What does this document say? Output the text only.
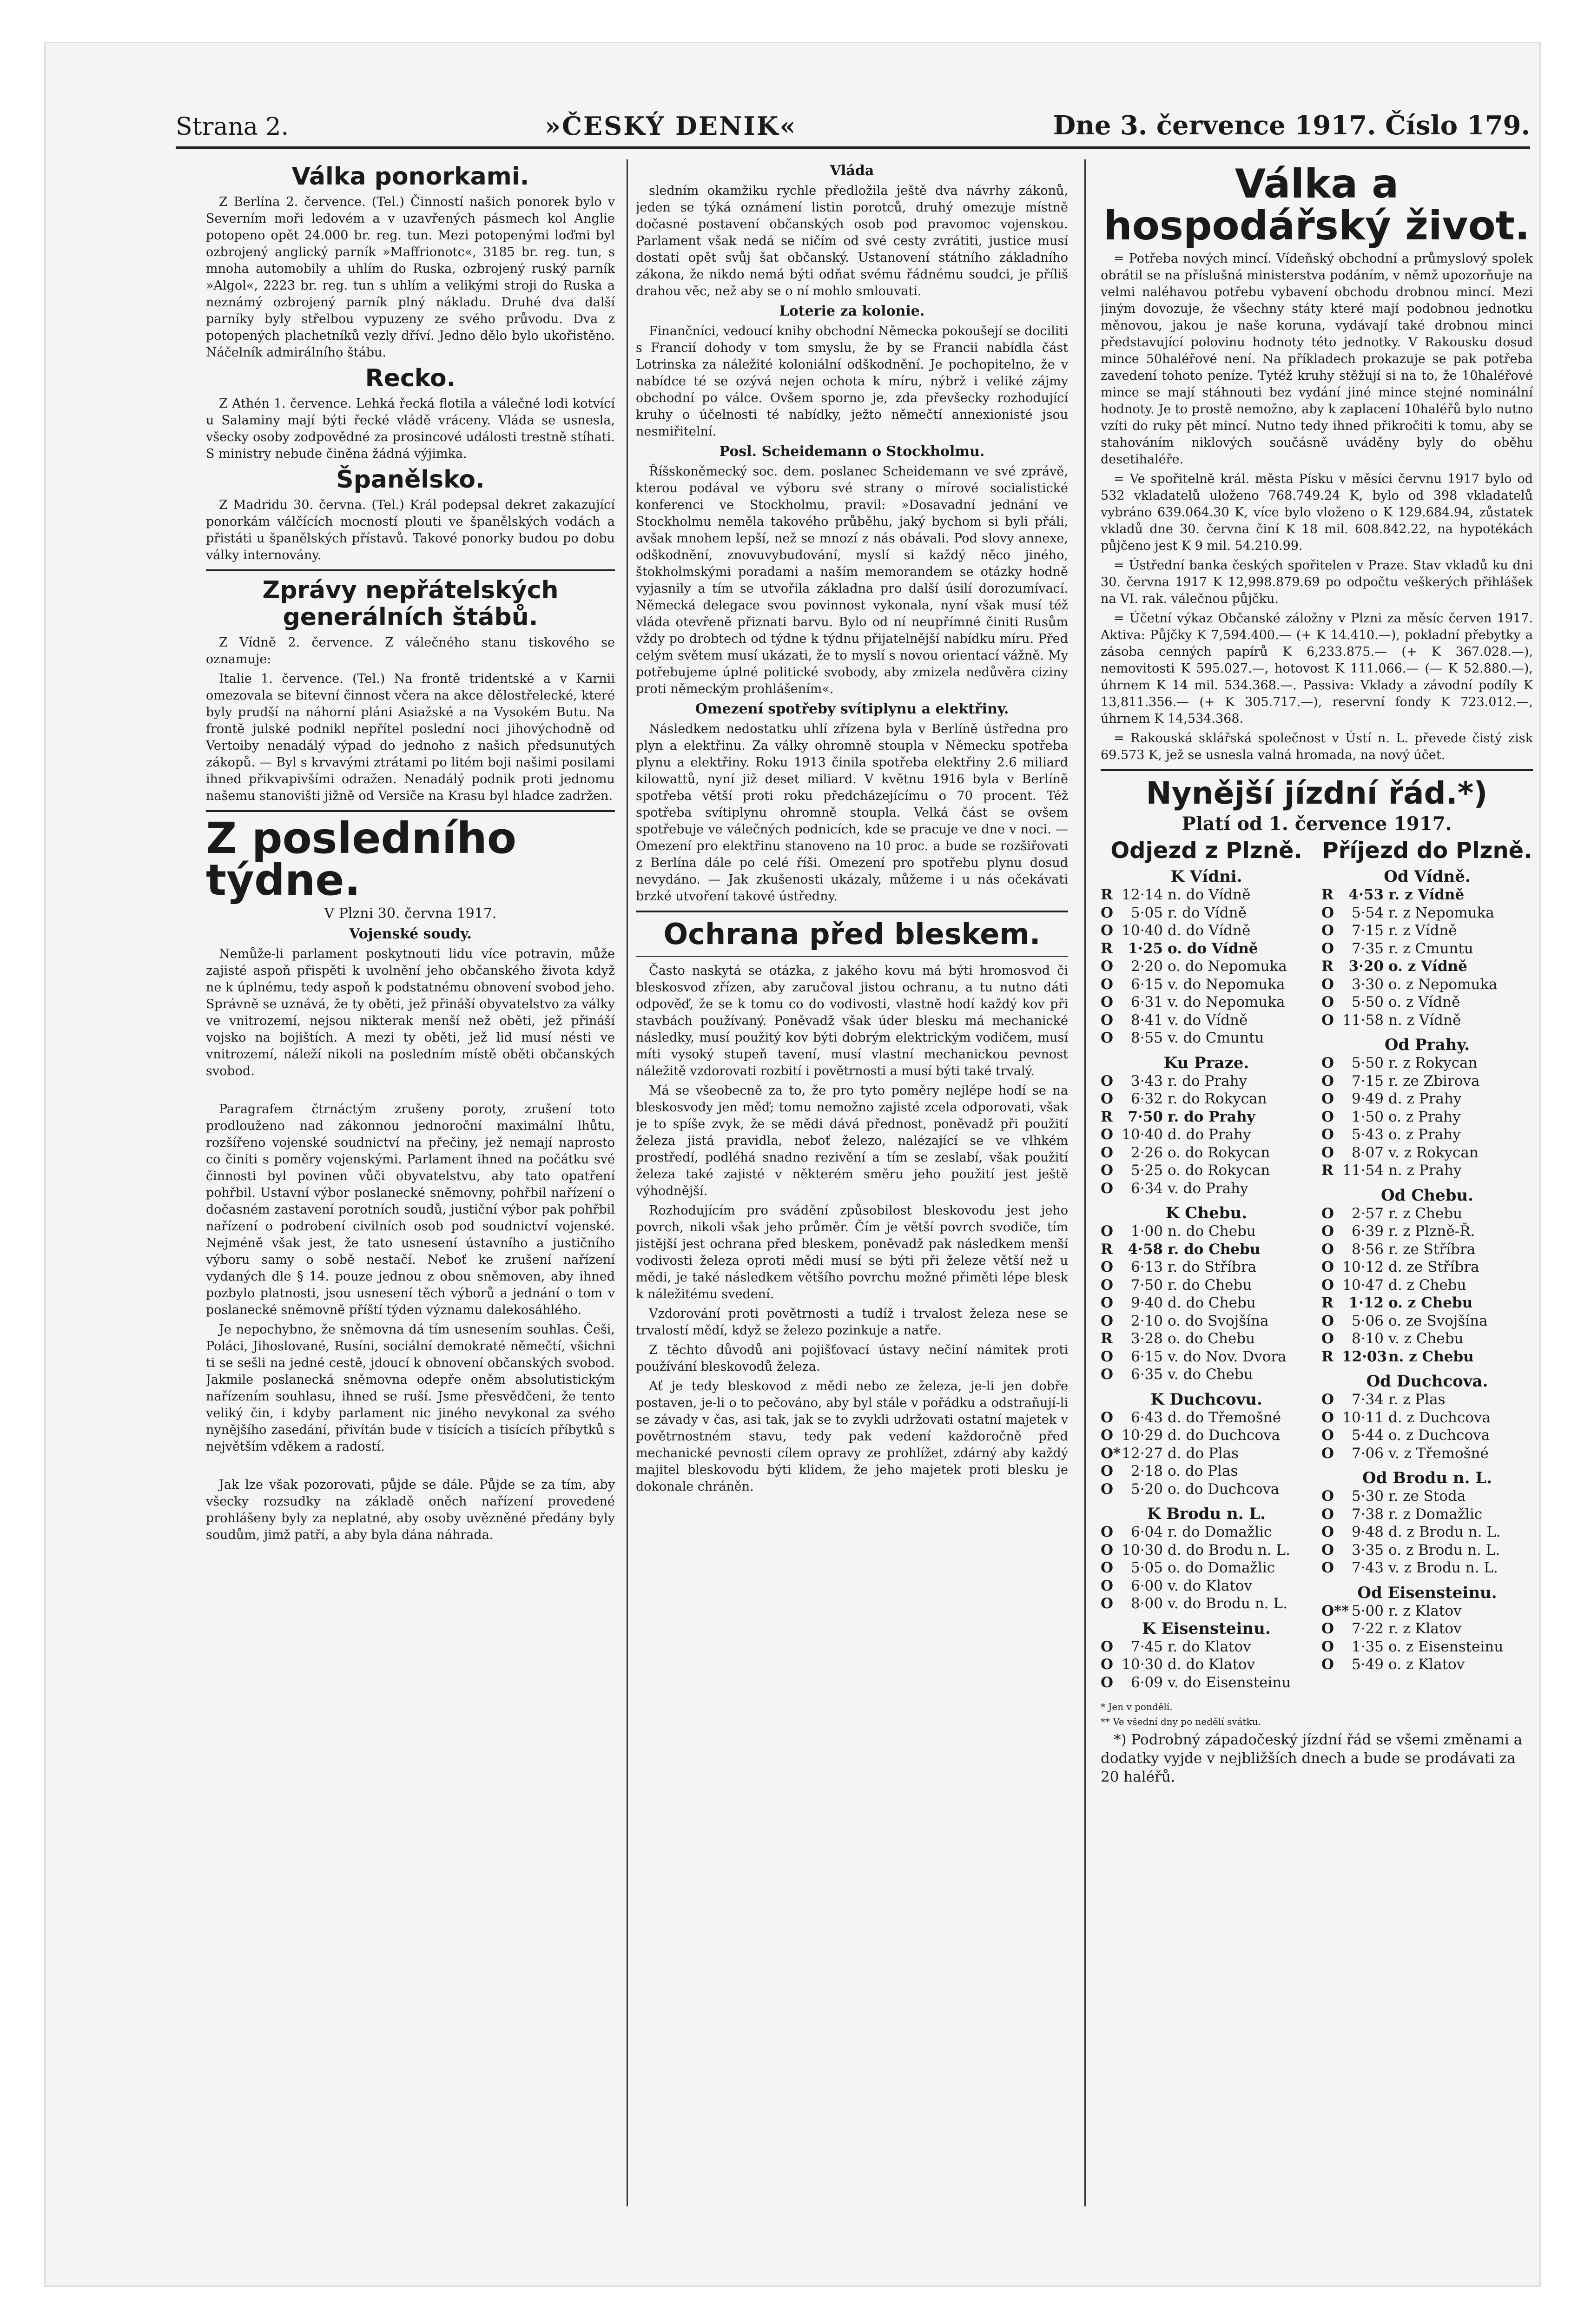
Strana 2.	»ČESKÝ DENIK«	Dne 3. července 1917. Číslo 179.
Válka ponorkami.

Z Berlína 2. července. (Tel.) Činností našich ponorek bylo v Severním moři ledovém a v uzavřených pásmech kol Anglie potopeno opět 24.000 br. reg. tun. Mezi potopenými loďmi byl ozbrojený anglický parník »Maffrionotc«, 3185 br. reg. tun, s mnoha automobily a uhlím do Ruska, ozbrojený ruský parník »Algol«, 2223 br. reg. tun s uhlím a velikými stroji do Ruska a neznámý ozbrojený parník plný nákladu. Druhé dva další parníky byly střelbou vypuzeny ze svého průvodu. Dva z potopených plachetníků vezly dříví. Jedno dělo bylo ukořistěno. Náčelník admirálního štábu.

Recko.

Z Athén 1. července. Lehká řecká flotila a válečné lodi kotvící u Salaminy mají býti řecké vládě vráceny. Vláda se usnesla, všecky osoby zodpovědné za prosincové události trestně stíhati. S ministry nebude činěna žádná výjimka.

Španělsko.

Z Madridu 30. června. (Tel.) Král podepsal dekret zakazující ponorkám válčících mocností plouti ve španělských vodách a přistáti u španělských přístavů. Takové ponorky budou po dobu války internovány.

Zprávy nepřátelských generálních štábů.

Z Vídně 2. července. Z válečného stanu tiskového se oznamuje:

Italie 1. července. (Tel.) Na frontě tridentské a v Karnii omezovala se bitevní činnost včera na akce dělostřelecké, které byly prudší na náhorní pláni Asiažské a na Vysokém Butu. Na frontě julské podnikl nepřítel poslední noci jihovýchodně od Vertoiby nenadálý výpad do jednoho z našich předsunutých zákopů. — Byl s krvavými ztrátami po litém boji našimi posilami ihned přikvapivšími odražen. Nenadálý podnik proti jednomu našemu stanovišti jižně od Versiče na Krasu byl hladce zadržen.

Z posledního týdne.
V Plzni 30. června 1917.
Vojenské soudy.

Nemůže-li parlament poskytnouti lidu více potravin, může zajisté aspoň přispěti k uvolnění jeho občanského života když ne k úplnému, tedy aspoň k podstatnému obnovení svobod jeho. Správně se uznává, že ty oběti, jež přináší obyvatelstvo za války ve vnitrozemí, nejsou nikterak menší než oběti, jež přináší vojsko na bojištích. A mezi ty oběti, jež lid musí nésti ve vnitrozemí, náleží nikoli na posledním místě oběti občanských svobod.

Paragrafem čtrnáctým zrušeny poroty, zrušení toto prodlouženo nad zákonnou jednoroční maximální lhůtu, rozšířeno vojenské soudnictví na přečiny, jež nemají naprosto co činiti s poměry vojenskými. Parlament ihned na počátku své činnosti byl povinen vůči obyvatelstvu, aby tato opatření pohřbil. Ustavní výbor poslanecké sněmovny, pohřbil nařízení o dočasném zastavení porotních soudů, justiční výbor pak pohřbil nařízení o podrobení civilních osob pod soudnictví vojenské. Nejméně však jest, že tato usnesení ústavního a justičního výboru samy o sobě nestačí. Neboť ke zrušení nařízení vydaných dle § 14. pouze jednou z obou sněmoven, aby ihned pozbylo platnosti, jsou usnesení těch výborů a jednání o tom v poslanecké sněmovně příští týden významu dalekosáhlého.

Je nepochybno, že sněmovna dá tím usnesením souhlas. Češi, Poláci, Jihoslované, Rusíni, sociální demokraté němečtí, všichni ti se sešli na jedné cestě, jdoucí k obnovení občanských svobod. Jakmile poslanecká sněmovna odepře oněm absolutistickým nařízením souhlasu, ihned se ruší. Jsme přesvědčeni, že tento veliký čin, i kdyby parlament nic jiného nevykonal za svého nynějšího zasedání, přivítán bude v tisících a tisících příbytků s největším vděkem a radostí.

Jak lze však pozorovati, půjde se dále. Půjde se za tím, aby všecky rozsudky na základě oněch nařízení provedené prohlášeny byly za neplatné, aby osoby uvězněné předány byly soudům, jimž patří, a aby byla dána náhrada.

Vláda

sledním okamžiku rychle předložila ještě dva návrhy zákonů, jeden se týká oznámení listin porotců, druhý omezuje místně dočasné postavení občanských osob pod pravomoc vojenskou. Parlament však nedá se ničím od své cesty zvrátiti, justice musí dostati opět svůj šat občanský. Ustanovení státního základního zákona, že nikdo nemá býti odňat svému řádnému soudci, je příliš drahou věc, než aby se o ní mohlo smlouvati.

Loterie za kolonie.

Finančníci, vedoucí knihy obchodní Německa pokoušejí se dociliti s Francií dohody v tom smyslu, že by se Francii nabídla část Lotrinska za náležité koloniální odškodnění. Je pochopitelno, že v nabídce té se ozývá nejen ochota k míru, nýbrž i veliké zájmy obchodní po válce. Ovšem sporno je, zda převšecky rozhodující kruhy o účelnosti té nabídky, ježto němečtí annexionisté jsou nesmiřitelní.

Posl. Scheidemann o Stockholmu.

Říšskoněmecký soc. dem. poslanec Scheidemann ve své zprávě, kterou podával ve výboru své strany o mírové socialistické konferenci ve Stockholmu, pravil: »Dosavadní jednání ve Stockholmu neměla takového průběhu, jaký bychom si byli přáli, avšak mnohem lepší, než se mnozí z nás obávali. Pod slovy annexe, odškodnění, znovuvybudování, myslí si každý něco jiného, štokholmskými poradami a naším memorandem se otázky hodně vyjasnily a tím se utvořila základna pro další úsilí dorozumívací. Německá delegace svou povinnost vykonala, nyní však musí též vláda otevřeně přiznati barvu. Bylo od ní neupřímné činiti Rusům vždy po drobtech od týdne k týdnu přijatelnější nabídku míru. Před celým světem musí ukázati, že to myslí s novou orientací vážně. My potřebujeme úplné politické svobody, aby zmizela nedůvěra ciziny proti německým prohlášením«.

Omezení spotřeby svítiplynu a elektřiny.

Následkem nedostatku uhlí zřízena byla v Berlíně ústředna pro plyn a elektřinu. Za války ohromně stoupla v Německu spotřeba plynu a elektřiny. Roku 1913 činila spotřeba elektřiny 2.6 miliard kilowattů, nyní již deset miliard. V květnu 1916 byla v Berlíně spotřeba větší proti roku předcházejícímu o 70 procent. Též spotřeba svítiplynu ohromně stoupla. Velká část se ovšem spotřebuje ve válečných podnicích, kde se pracuje ve dne v noci. — Omezení pro elektřinu stanoveno na 10 proc. a bude se rozšiřovati z Berlína dále po celé říši. Omezení pro spotřebu plynu dosud nevydáno. — Jak zkušenosti ukázaly, můžeme i u nás očekávati brzké utvoření takové ústředny.

Ochrana před bleskem.

Často naskytá se otázka, z jakého kovu má býti hromosvod či bleskosvod zřízen, aby zaručoval jistou ochranu, a tu nutno dáti odpověď, že se k tomu co do vodivosti, vlastně hodí každý kov při stavbách používaný. Poněvadž však úder blesku má mechanické následky, musí použitý kov býti dobrým elektrickým vodičem, musí míti vysoký stupeň tavení, musí vlastní mechanickou pevnost náležitě vzdorovati rozbití i povětrnosti a musí býti také trvalý.

Má se všeobecně za to, že pro tyto poměry nejlépe hodí se na bleskosvody jen měď; tomu nemožno zajisté zcela odporovati, však je to spíše zvyk, že se mědi dává přednost, poněvadž při použití železa jistá pravidla, neboť železo, nalézající se ve vlhkém prostředí, podléhá snadno rezivění a tím se zeslabí, však použití železa také zajisté v některém směru jeho použití jest ještě výhodnější.

Rozhodujícím pro svádění způsobilost bleskovodu jest jeho povrch, nikoli však jeho průměr. Čím je větší povrch svodiče, tím jistější jest ochrana před bleskem, poněvadž pak následkem menší vodivosti železa oproti mědi musí se býti při železe větší než u mědi, je také následkem většího povrchu možné přiměti lépe blesk k náležitému svedení.

Vzdorování proti povětrnosti a tudíž i trvalost železa nese se trvalostí mědí, když se železo pozinkuje a natře.

Z těchto důvodů ani pojišťovací ústavy nečiní námitek proti používání bleskovodů železa.

Ať je tedy bleskovod z mědi nebo ze železa, je-li jen dobře postaven, je-li o to pečováno, aby byl stále v pořádku a odstraňují-li se závady v čas, asi tak, jak se to zvykli udržovati ostatní majetek v povětrnostném stavu, tedy pak vedení každoročně před mechanické pevnosti cílem opravy ze prohlížet, zdárný aby každý majitel bleskovodu býti klidem, že jeho majetek proti blesku je dokonale chráněn.

Válka a hospodářský život.

= Potřeba nových mincí. Vídeňský obchodní a průmyslový spolek obrátil se na příslušná ministerstva podáním, v němž upozorňuje na velmi naléhavou potřebu vybavení obchodu drobnou mincí. Mezi jiným dovozuje, že všechny státy které mají podobnou jednotku měnovou, jakou je naše koruna, vydávají také drobnou minci představující polovinu hodnoty této jednotky. V Rakousku dosud mince 50haléřové není. Na příkladech prokazuje se pak potřeba zavedení tohoto peníze. Tytéž kruhy stěžují si na to, že 10haléřové mince se mají stáhnouti bez vydání jiné mince stejné nominální hodnoty. Je to prostě nemožno, aby k zaplacení 10haléřů bylo nutno vzíti do ruky pět mincí. Nutno tedy ihned přikročiti k tomu, aby se stahováním niklových součásně uváděny byly do oběhu desetihaléře.

= Ve spořitelně král. města Písku v měsíci červnu 1917 bylo od 532 vkladatelů uloženo 768.749.24 K, bylo od 398 vkladatelů vybráno 639.064.30 K, více bylo vloženo o K 129.684.94, zůstatek vkladů dne 30. června činí K 18 mil. 608.842.22, na hypotékách půjčeno jest K 9 mil. 54.210.99.

= Ústřední banka českých spořitelen v Praze. Stav vkladů ku dni 30. června 1917 K 12,998.879.69 po odpočtu veškerých přihlášek na VI. rak. válečnou půjčku.

= Účetní výkaz Občanské záložny v Plzni za měsíc červen 1917. Aktiva: Půjčky K 7,594.400.— (+ K 14.410.—), pokladní přebytky a zásoba cenných papírů K 6,233.875.— (+ K 367.028.—), nemovitosti K 595.027.—, hotovost K 111.066.— (— K 52.880.—), úhrnem K 14 mil. 534.368.—. Passiva: Vklady a závodní podíly K 13,811.356.— (+ K 305.717.—), reservní fondy K 723.012.—, úhrnem K 14,534.368.

= Rakouská sklářská společnost v Ústí n. L. převede čistý zisk 69.573 K, jež se usnesla valná hromada, na nový účet.

Nynější jízdní řád.*)
Platí od 1. července 1917.
Odjezd z Plzně.
K Vídni.
R 12·14 n. do Vídně
O	5·05 r. do Vídně
O 10·40 d. do Vídně
R	1·25 o. do Vídně
O	2·20 o. do Nepomuka
O	6·15 v. do Nepomuka
O	6·31 v. do Nepomuka
O	8·41 v. do Vídně
O	8·55 v. do Cmuntu
Ku Praze.
O	3·43 r. do Prahy
O	6·32 r. do Rokycan
R	7·50 r. do Prahy
O 10·40 d. do Prahy
O	2·26 o. do Rokycan
O	5·25 o. do Rokycan
O	6·34 v. do Prahy
K Chebu.
O	1·00 n. do Chebu
R	4·58 r. do Chebu
O	6·13 r. do Stříbra
O	7·50 r. do Chebu
O	9·40 d. do Chebu
O	2·10 o. do Svojšína
R	3·28 o. do Chebu
O	6·15 v. do Nov. Dvora
O	6·35 v. do Chebu
K Duchcovu.
O	6·43 d. do Třemošné
O 10·29 d. do Duchcova
O* 12·27 d. do Plas
O	2·18 o. do Plas
O	5·20 o. do Duchcova
K Brodu n. L.
O	6·04 r. do Domažlic
O 10·30 d. do Brodu n. L.
O	5·05 o. do Domažlic
O	6·00 v. do Klatov
O	8·00 v. do Brodu n. L.
K Eisensteinu.
O	7·45 r. do Klatov
O 10·30 d. do Klatov
O	6·09 v. do Eisensteinu
Příjezd do Plzně.
Od Vídně.
R	4·53 r. z Vídně
O	5·54 r. z Nepomuka
O	7·15 r. z Vídně
O	7·35 r. z Cmuntu
R	3·20 o. z Vídně
O	3·30 o. z Nepomuka
O	5·50 o. z Vídně
O 11·58 n. z Vídně
Od Prahy.
O	5·50 r. z Rokycan
O	7·15 r. ze Zbirova
O	9·49 d. z Prahy
O	1·50 o. z Prahy
O	5·43 o. z Prahy
O	8·07 v. z Rokycan
R 11·54 n. z Prahy
Od Chebu.
O	2·57 r. z Chebu
O	6·39 r. z Plzně-Ř.
O	8·56 r. ze Stříbra
O 10·12 d. ze Stříbra
O 10·47 d. z Chebu
R	1·12 o. z Chebu
O	5·06 o. ze Svojšína
O	8·10 v. z Chebu
R 12·03 n. z Chebu
Od Duchcova.
O	7·34 r. z Plas
O 10·11 d. z Duchcova
O	5·44 o. z Duchcova
O	7·06 v. z Třemošné
Od Brodu n. L.
O	5·30 r. ze Stoda
O	7·38 r. z Domažlic
O	9·48 d. z Brodu n. L.
O	3·35 o. z Brodu n. L.
O	7·43 v. z Brodu n. L.
Od Eisensteinu.
O** 5·00 r. z Klatov
O	7·22 r. z Klatov
O	1·35 o. z Eisensteinu
O	5·49 o. z Klatov
* Jen v pondělí.
** Ve všední dny po nedělí svátku.
*) Podrobný západočeský jízdní řád se všemi změnami a dodatky vyjde v nejbližších dnech a bude se prodávati za 20 haléřů.
